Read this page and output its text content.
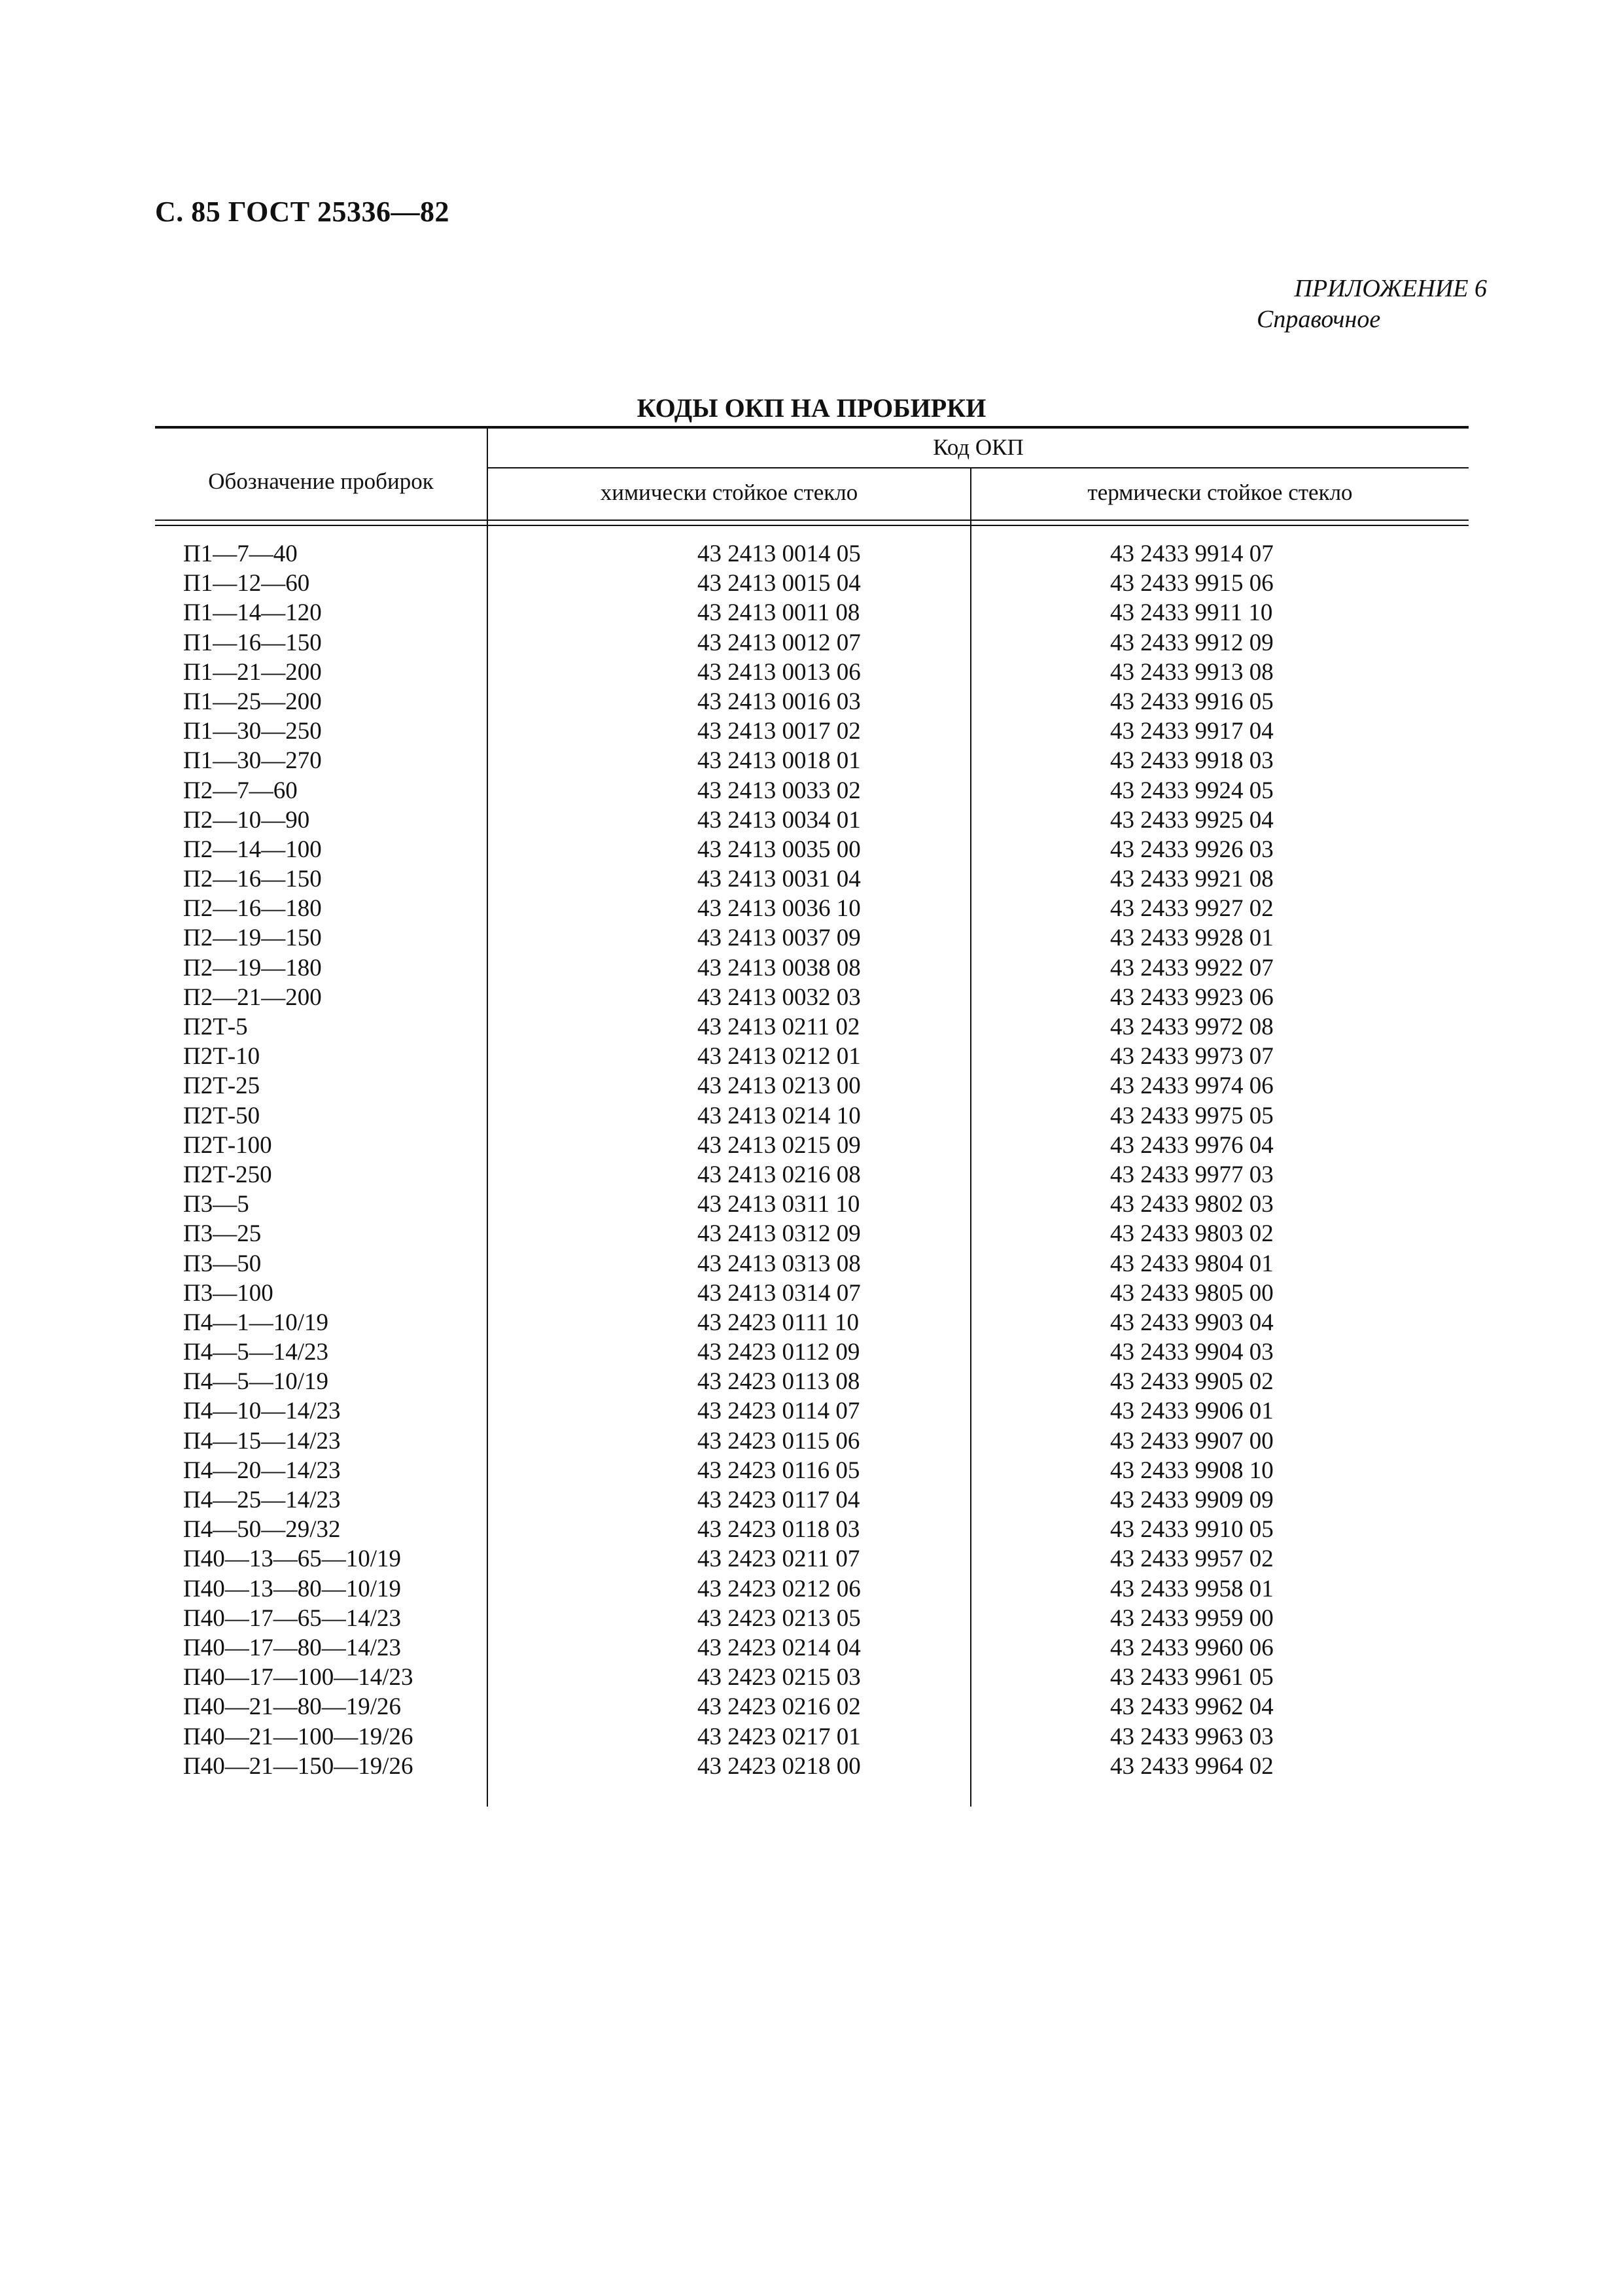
С. 85 ГОСТ 25336—82
ПРИЛОЖЕНИЕ 6
Справочное
КОДЫ ОКП НА ПРОБИРКИ
Обозначение пробирок
Код ОКП
химически стойкое стекло	термически стойкое стекло
П1—7—40
П1—12—60
П1—14—120
П1—16—150
П1—21—200
П1—25—200
П1—30—250
П1—30—270
П2—7—60
П2—10—90
П2—14—100
П2—16—150
П2—16—180
П2—19—150
П2—19—180
П2—21—200
П2Т-5
П2Т-10
П2Т-25
П2Т-50
П2Т-100
П2Т-250
П3—5
П3—25
П3—50
П3—100
П4—1—10/19
П4—5—14/23
П4—5—10/19
П4—10—14/23
П4—15—14/23
П4—20—14/23
П4—25—14/23
П4—50—29/32
П40—13—65—10/19
П40—13—80—10/19
П40—17—65—14/23
П40—17—80—14/23
П40—17—100—14/23
П40—21—80—19/26
П40—21—100—19/26
П40—21—150—19/26
43 2413 0014 05
43 2413 0015 04
43 2413 0011 08
43 2413 0012 07
43 2413 0013 06
43 2413 0016 03
43 2413 0017 02
43 2413 0018 01
43 2413 0033 02
43 2413 0034 01
43 2413 0035 00
43 2413 0031 04
43 2413 0036 10
43 2413 0037 09
43 2413 0038 08
43 2413 0032 03
43 2413 0211 02
43 2413 0212 01
43 2413 0213 00
43 2413 0214 10
43 2413 0215 09
43 2413 0216 08
43 2413 0311 10
43 2413 0312 09
43 2413 0313 08
43 2413 0314 07
43 2423 0111 10
43 2423 0112 09
43 2423 0113 08
43 2423 0114 07
43 2423 0115 06
43 2423 0116 05
43 2423 0117 04
43 2423 0118 03
43 2423 0211 07
43 2423 0212 06
43 2423 0213 05
43 2423 0214 04
43 2423 0215 03
43 2423 0216 02
43 2423 0217 01
43 2423 0218 00
43 2433 9914 07
43 2433 9915 06
43 2433 9911 10
43 2433 9912 09
43 2433 9913 08
43 2433 9916 05
43 2433 9917 04
43 2433 9918 03
43 2433 9924 05
43 2433 9925 04
43 2433 9926 03
43 2433 9921 08
43 2433 9927 02
43 2433 9928 01
43 2433 9922 07
43 2433 9923 06
43 2433 9972 08
43 2433 9973 07
43 2433 9974 06
43 2433 9975 05
43 2433 9976 04
43 2433 9977 03
43 2433 9802 03
43 2433 9803 02
43 2433 9804 01
43 2433 9805 00
43 2433 9903 04
43 2433 9904 03
43 2433 9905 02
43 2433 9906 01
43 2433 9907 00
43 2433 9908 10
43 2433 9909 09
43 2433 9910 05
43 2433 9957 02
43 2433 9958 01
43 2433 9959 00
43 2433 9960 06
43 2433 9961 05
43 2433 9962 04
43 2433 9963 03
43 2433 9964 02
